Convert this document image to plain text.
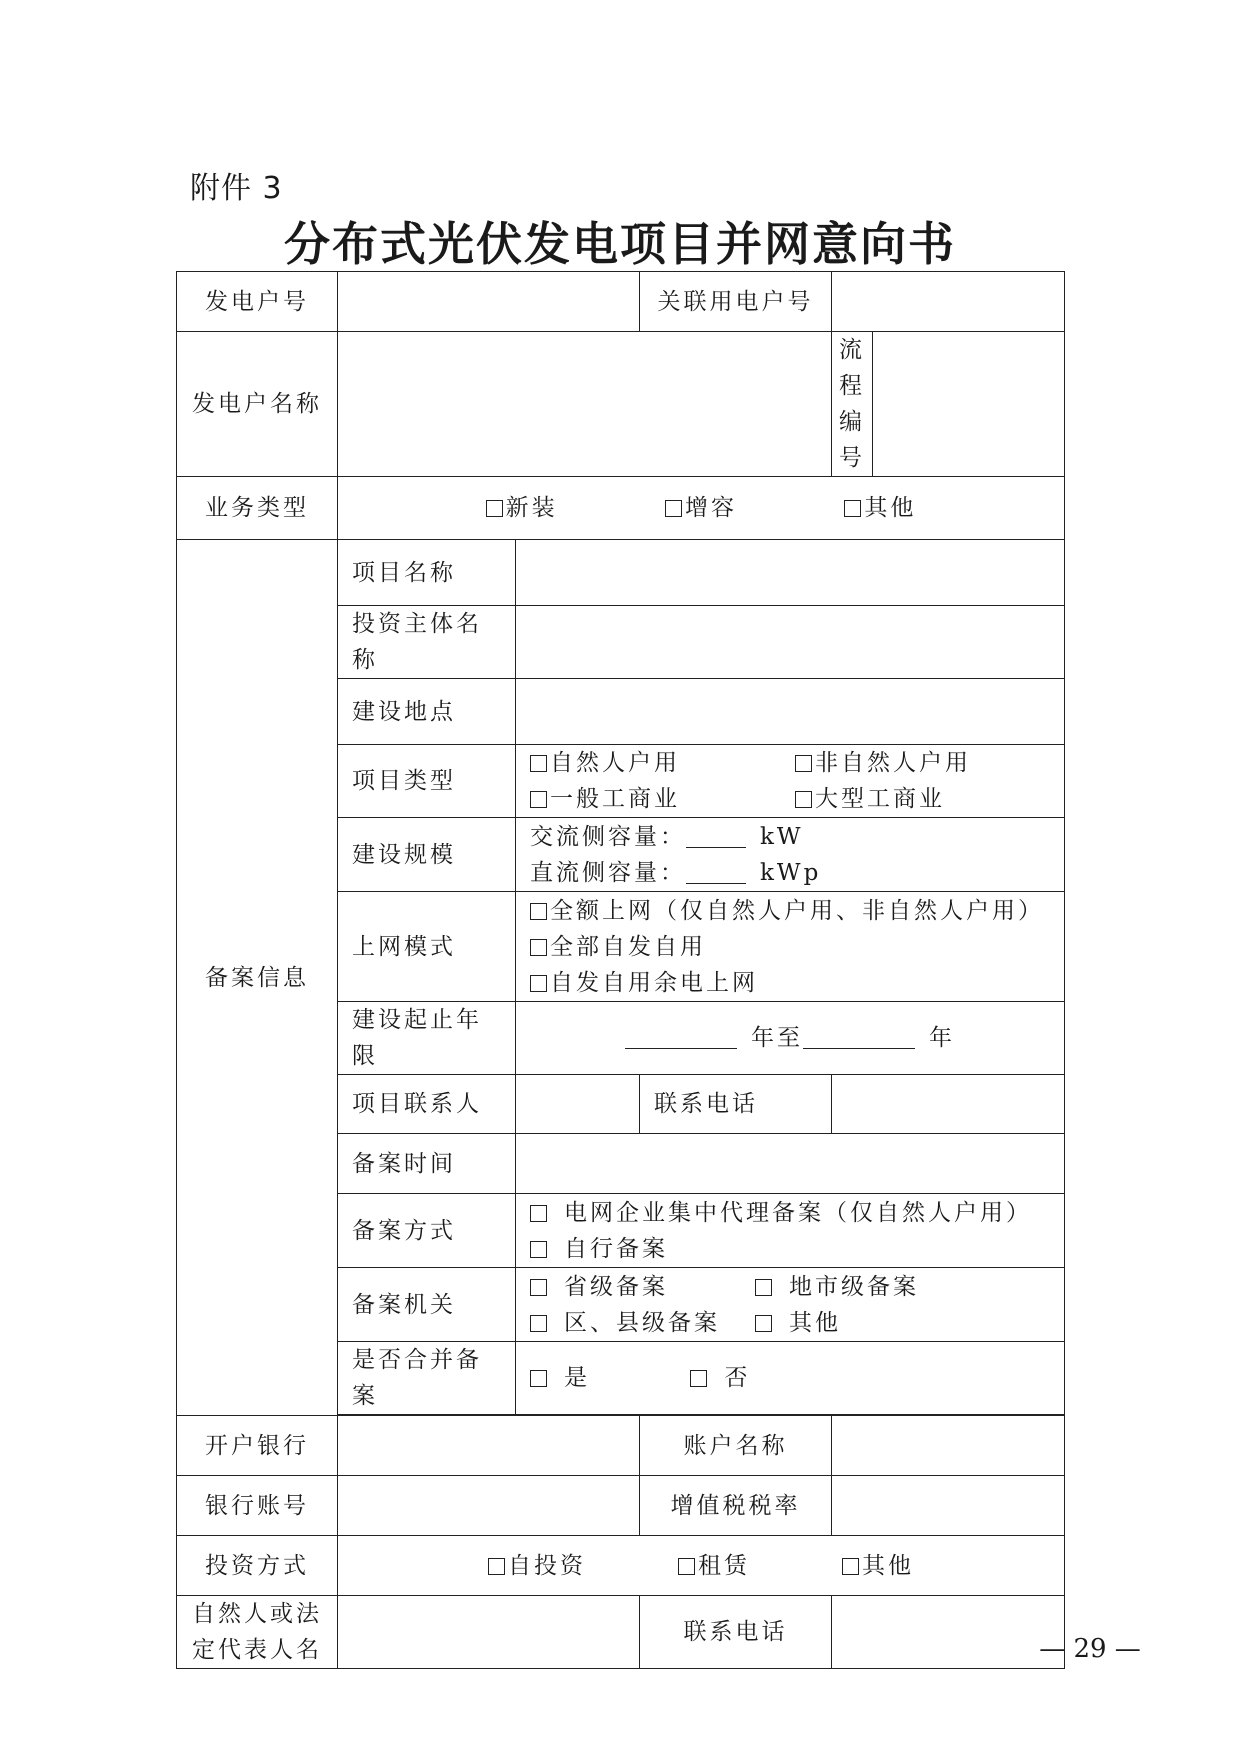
附件 3
分布式光伏发电项目并网意向书
发电户号			关联用电户号		
发电户名称				流程
编号	

业务类型	新装 增容 其他				

备案信息	项目名称				
	投资主体名称				
	建设地点				
	项目类型	自然人户用 非自然人户用
一般工商业 大型工商业			

	建设规模	交流侧容量： kW
直流侧容量： kWp			

	上网模式	全额上网（仅自然人户用、非自然人户用）
全部自发自用
自发自用余电上网			

	建设起止年限	年至 年			
	项目联系人		联系电话		
	备案时间				
	备案方式	电网企业集中代理备案（仅自然人户用）
自行备案			

	备案机关	省级备案 地市级备案
区、县级备案 其他			

	是否合并备案	是 否			

开户银行			账户名称		
银行账号			增值税税率		
投资方式	自投资 租赁 其他				

自然人或法
定代表人名			联系电话		
— 29 —
